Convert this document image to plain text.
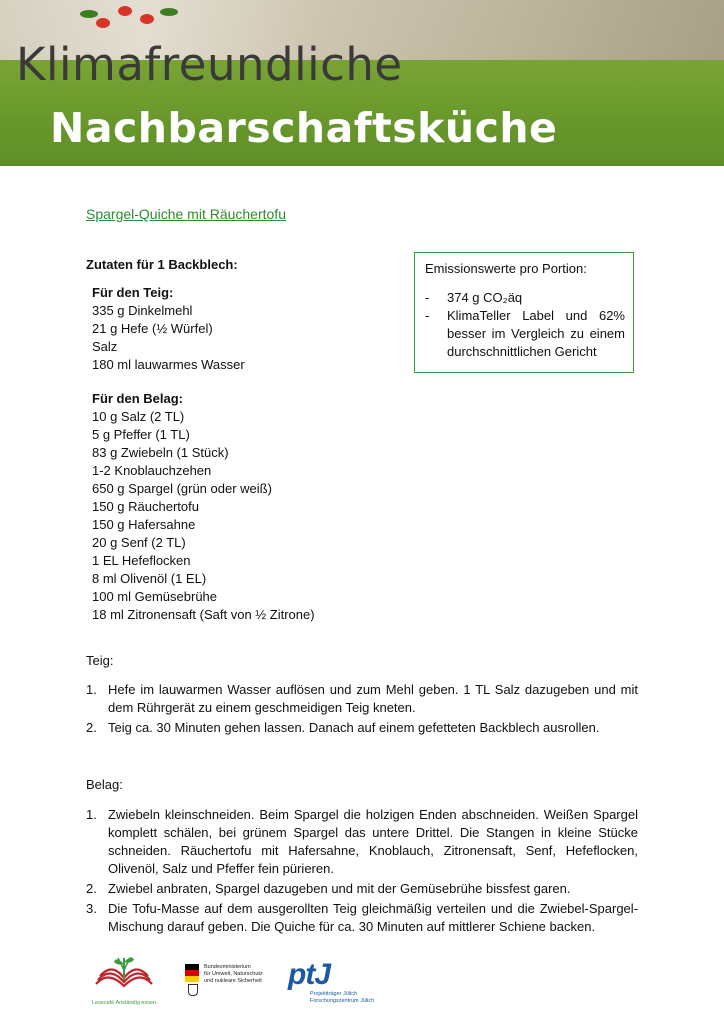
Klimafreundliche
Nachbarschaftsküche
Spargel-Quiche mit Räuchertofu
Zutaten für 1 Backblech:
Für den Teig:
335 g Dinkelmehl
21 g Hefe (½ Würfel)
Salz
180 ml lauwarmes Wasser
Für den Belag:
10 g Salz (2 TL)
5 g Pfeffer (1 TL)
83 g Zwiebeln (1 Stück)
1-2 Knoblauchzehen
650 g Spargel (grün oder weiß)
150 g Räuchertofu
150 g Hafersahne
20 g Senf (2 TL)
1 EL Hefeflocken
8 ml Olivenöl (1 EL)
100 ml Gemüsebrühe
18 ml Zitronensaft (Saft von ½ Zitrone)
Emissionswerte pro Portion:
- 374 g CO₂äq
- KlimaTeller Label und 62% besser im Vergleich zu einem durchschnittlichen Gericht
Teig:
1. Hefe im lauwarmen Wasser auflösen und zum Mehl geben. 1 TL Salz dazugeben und mit dem Rührgerät zu einem geschmeidigen Teig kneten.
2. Teig ca. 30 Minuten gehen lassen. Danach auf einem gefetteten Backblech ausrollen.
Belag:
1. Zwiebeln kleinschneiden. Beim Spargel die holzigen Enden abschneiden. Weißen Spargel komplett schälen, bei grünem Spargel das untere Drittel. Die Stangen in kleine Stücke schneiden. Räuchertofu mit Hafersahne, Knoblauch, Zitronensaft, Senf, Hefeflocken, Olivenöl, Salz und Pfeffer fein pürieren.
2. Zwiebel anbraten, Spargel dazugeben und mit der Gemüsebrühe bissfest garen.
3. Die Tofu-Masse auf dem ausgerollten Teig gleichmäßig verteilen und die Zwiebel-Spargel-Mischung darauf geben. Die Quiche für ca. 30 Minuten auf mittlerer Schiene backen.
Lesecafé Anständig essen
Bundesministerium
für Umwelt, Naturschutz
und nukleare Sicherheit ptJ
Projektträger Jülich
Forschungszentrum Jülich
